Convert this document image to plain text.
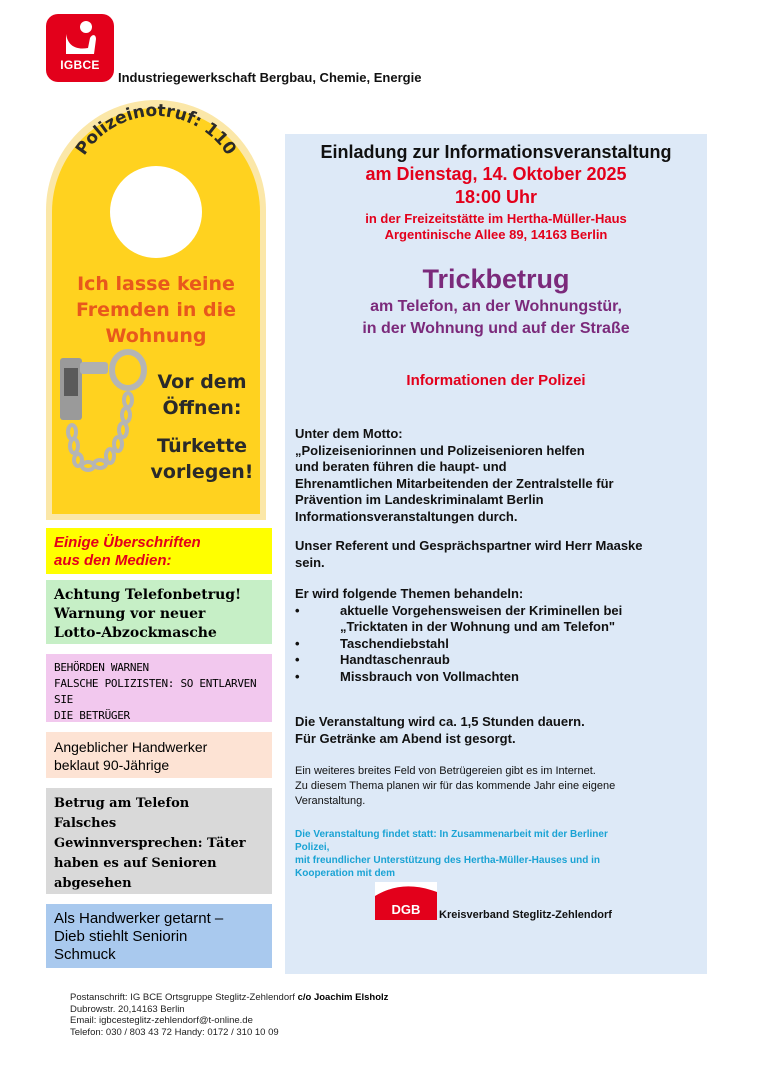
IGBCE
Industriegewerkschaft Bergbau, Chemie, Energie
Polizeinotruf: 110
Ich lasse keine
Fremden in die
Wohnung
Vor dem
Öffnen:
Türkette
vorlegen!
Einige Überschriften
aus den Medien:
Achtung Telefonbetrug!
Warnung vor neuer
Lotto-Abzockmasche
BEHÖRDEN WARNEN
FALSCHE POLIZISTEN: SO ENTLARVEN SIE
DIE BETRÜGER
Angeblicher Handwerker
beklaut 90-Jährige
Betrug am Telefon
Falsches
Gewinnversprechen: Täter
haben es auf Senioren
abgesehen
Als Handwerker getarnt –
Dieb stiehlt Seniorin
Schmuck
Einladung zur Informationsveranstaltung
am Dienstag, 14. Oktober 2025
18:00 Uhr
in der Freizeitstätte im Hertha-Müller-Haus
Argentinische Allee 89, 14163 Berlin
Trickbetrug
am Telefon, an der Wohnungstür,
in der Wohnung und auf der Straße
Informationen der Polizei
Unter dem Motto:
„Polizeiseniorinnen und Polizeisenioren helfen
und beraten führen die haupt- und
Ehrenamtlichen Mitarbeitenden der Zentralstelle für
Prävention im Landeskriminalamt Berlin
Informationsveranstaltungen durch.
Unser Referent und Gesprächspartner wird Herr Maaske
sein.
Er wird folgende Themen behandeln:
• aktuelle Vorgehensweisen der Kriminellen bei
„Tricktaten in der Wohnung und am Telefon"
• Taschendiebstahl
• Handtaschenraub
• Missbrauch von Vollmachten
Die Veranstaltung wird ca. 1,5 Stunden dauern.
Für Getränke am Abend ist gesorgt.
Ein weiteres breites Feld von Betrügereien gibt es im Internet.
Zu diesem Thema planen wir für das kommende Jahr eine eigene
Veranstaltung.
Die Veranstaltung findet statt: In Zusammenarbeit mit der Berliner
Polizei,
mit freundlicher Unterstützung des Hertha-Müller-Hauses und in
Kooperation mit dem
DGB	Kreisverband Steglitz-Zehlendorf
Postanschrift: IG BCE Ortsgruppe Steglitz-Zehlendorf c/o Joachim Elsholz
Dubrowstr. 20,14163 Berlin
Email: igbcesteglitz-zehlendorf@t-online.de
Telefon: 030 / 803 43 72 Handy: 0172 / 310 10 09
